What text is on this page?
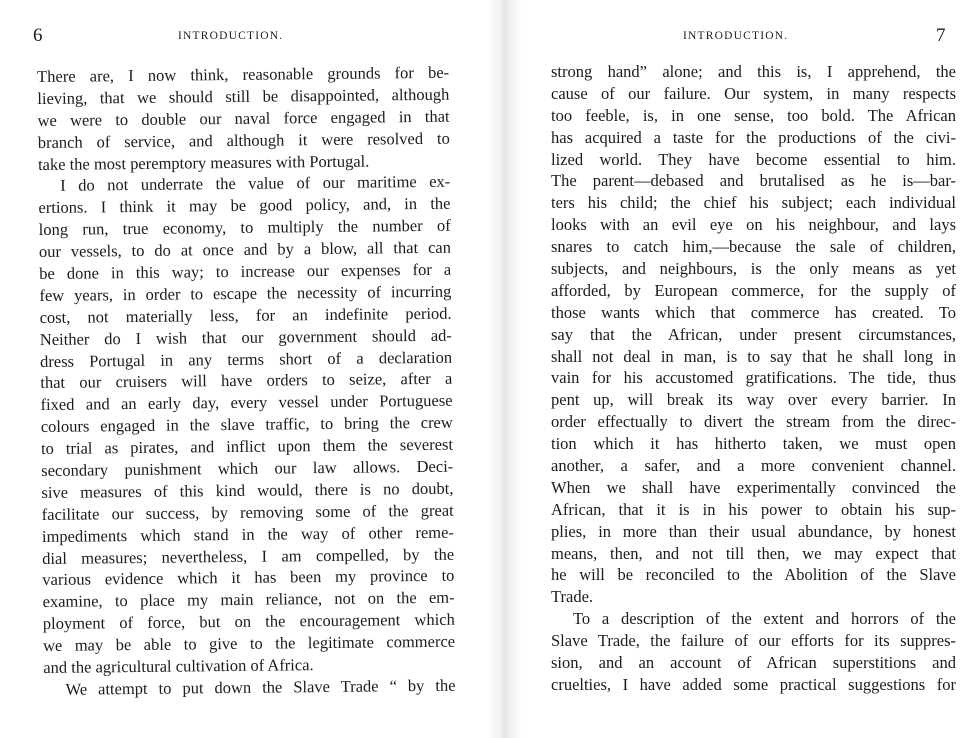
6	INTRODUCTION.
There are, I now think, reasonable grounds for be-
lieving, that we should still be disappointed, although
we were to double our naval force engaged in that
branch of service, and although it were resolved to
take the most peremptory measures with Portugal.
I do not underrate the value of our maritime ex-
ertions. I think it may be good policy, and, in the
long run, true economy, to multiply the number of
our vessels, to do at once and by a blow, all that can
be done in this way; to increase our expenses for a
few years, in order to escape the necessity of incurring
cost, not materially less, for an indefinite period.
Neither do I wish that our government should ad-
dress Portugal in any terms short of a declaration
that our cruisers will have orders to seize, after a
fixed and an early day, every vessel under Portuguese
colours engaged in the slave traffic, to bring the crew
to trial as pirates, and inflict upon them the severest
secondary punishment which our law allows. Deci-
sive measures of this kind would, there is no doubt,
facilitate our success, by removing some of the great
impediments which stand in the way of other reme-
dial measures; nevertheless, I am compelled, by the
various evidence which it has been my province to
examine, to place my main reliance, not on the em-
ployment of force, but on the encouragement which
we may be able to give to the legitimate commerce
and the agricultural cultivation of Africa.
We attempt to put down the Slave Trade “ by the
7
INTRODUCTION.
strong hand” alone; and this is, I apprehend, the
cause of our failure. Our system, in many respects
too feeble, is, in one sense, too bold. The African
has acquired a taste for the productions of the civi-
lized world. They have become essential to him.
The parent—debased and brutalised as he is—bar-
ters his child; the chief his subject; each individual
looks with an evil eye on his neighbour, and lays
snares to catch him,—because the sale of children,
subjects, and neighbours, is the only means as yet
afforded, by European commerce, for the supply of
those wants which that commerce has created. To
say that the African, under present circumstances,
shall not deal in man, is to say that he shall long in
vain for his accustomed gratifications. The tide, thus
pent up, will break its way over every barrier. In
order effectually to divert the stream from the direc-
tion which it has hitherto taken, we must open
another, a safer, and a more convenient channel.
When we shall have experimentally convinced the
African, that it is in his power to obtain his sup-
plies, in more than their usual abundance, by honest
means, then, and not till then, we may expect that
he will be reconciled to the Abolition of the Slave
Trade.
To a description of the extent and horrors of the
Slave Trade, the failure of our efforts for its suppres-
sion, and an account of African superstitions and
cruelties, I have added some practical suggestions for
